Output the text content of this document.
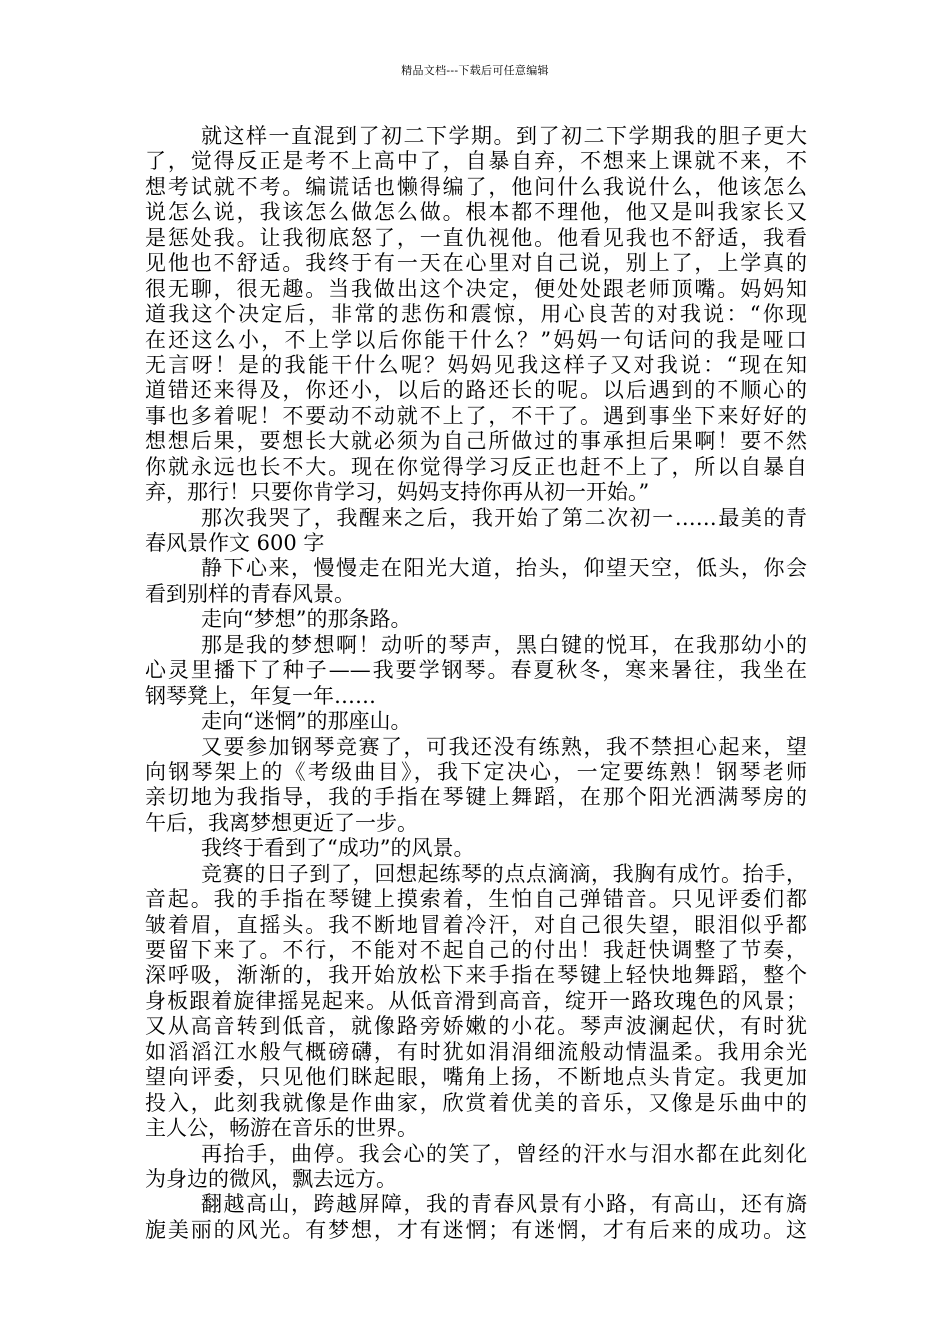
精品文档---下载后可任意编辑
就这样一直混到了初二下学期。到了初二下学期我的胆子更大
了，觉得反正是考不上高中了，自暴自弃，不想来上课就不来，不
想考试就不考。编谎话也懒得编了，他问什么我说什么，他该怎么
说怎么说，我该怎么做怎么做。根本都不理他，他又是叫我家长又
是惩处我。让我彻底怒了，一直仇视他。他看见我也不舒适，我看
见他也不舒适。我终于有一天在心里对自己说，别上了，上学真的
很无聊，很无趣。当我做出这个决定，便处处跟老师顶嘴。妈妈知
道我这个决定后，非常的悲伤和震惊，用心良苦的对我说：“你现
在还这么小，不上学以后你能干什么？”妈妈一句话问的我是哑口
无言呀！是的我能干什么呢？妈妈见我这样子又对我说：“现在知
道错还来得及，你还小，以后的路还长的呢。以后遇到的不顺心的
事也多着呢！不要动不动就不上了，不干了。遇到事坐下来好好的
想想后果，要想长大就必须为自己所做过的事承担后果啊！要不然
你就永远也长不大。现在你觉得学习反正也赶不上了，所以自暴自
弃，那行！只要你肯学习，妈妈支持你再从初一开始。”
那次我哭了，我醒来之后，我开始了第二次初一……最美的青
春风景作文 600 字
静下心来，慢慢走在阳光大道，抬头，仰望天空，低头，你会
看到别样的青春风景。
走向“梦想”的那条路。
那是我的梦想啊！动听的琴声，黑白键的悦耳，在我那幼小的
心灵里播下了种子——我要学钢琴。春夏秋冬，寒来暑往，我坐在
钢琴凳上，年复一年……
走向“迷惘”的那座山。
又要参加钢琴竞赛了，可我还没有练熟，我不禁担心起来，望
向钢琴架上的《考级曲目》，我下定决心，一定要练熟！钢琴老师
亲切地为我指导，我的手指在琴键上舞蹈，在那个阳光洒满琴房的
午后，我离梦想更近了一步。
我终于看到了“成功”的风景。
竞赛的日子到了，回想起练琴的点点滴滴，我胸有成竹。抬手，
音起。我的手指在琴键上摸索着，生怕自己弹错音。只见评委们都
皱着眉，直摇头。我不断地冒着冷汗，对自己很失望，眼泪似乎都
要留下来了。不行，不能对不起自己的付出！我赶快调整了节奏，
深呼吸，渐渐的，我开始放松下来手指在琴键上轻快地舞蹈，整个
身板跟着旋律摇晃起来。从低音滑到高音，绽开一路玫瑰色的风景；
又从高音转到低音，就像路旁娇嫩的小花。琴声波澜起伏，有时犹
如滔滔江水般气概磅礴，有时犹如涓涓细流般动情温柔。我用余光
望向评委，只见他们眯起眼，嘴角上扬，不断地点头肯定。我更加
投入，此刻我就像是作曲家，欣赏着优美的音乐，又像是乐曲中的
主人公，畅游在音乐的世界。
再抬手，曲停。我会心的笑了，曾经的汗水与泪水都在此刻化
为身边的微风，飘去远方。
翻越高山，跨越屏障，我的青春风景有小路，有高山，还有旖
旎美丽的风光。有梦想，才有迷惘；有迷惘，才有后来的成功。这
